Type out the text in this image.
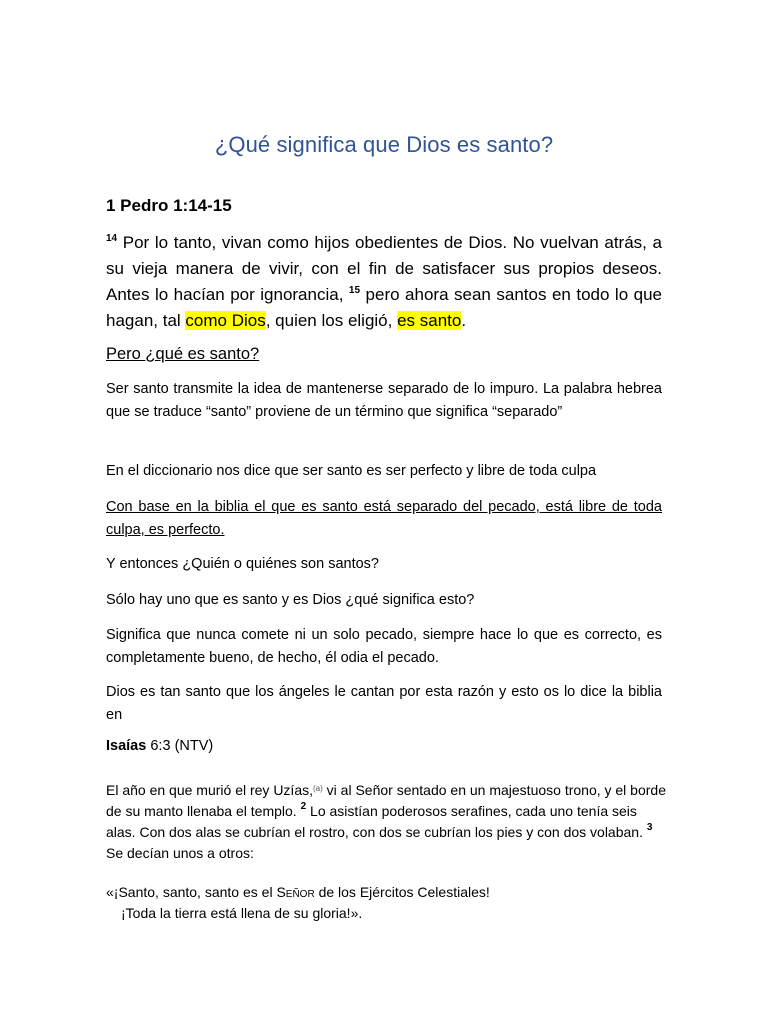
¿Qué significa que Dios es santo?
1 Pedro 1:14-15
$^{14}$ Por lo tanto, vivan como hijos obedientes de Dios. No vuelvan atrás, a su vieja manera de vivir, con el fin de satisfacer sus propios deseos. Antes lo hacían por ignorancia, $^{15}$ pero ahora sean santos en todo lo que hagan, tal como Dios, quien los eligió, es santo.
Pero ¿qué es santo?
Ser santo transmite la idea de mantenerse separado de lo impuro. La palabra hebrea que se traduce “santo” proviene de un término que significa “separado”
En el diccionario nos dice que ser santo es ser perfecto y libre de toda culpa
Con base en la biblia el que es santo está separado del pecado, está libre de toda culpa, es perfecto.
Y entonces ¿Quién o quiénes son santos?
Sólo hay uno que es santo y es Dios ¿qué significa esto?
Significa que nunca comete ni un solo pecado, siempre hace lo que es correcto, es completamente bueno, de hecho, él odia el pecado.
Dios es tan santo que los ángeles le cantan por esta razón y esto os lo dice la biblia en
Isaías 6:3 (NTV)
El año en que murió el rey Uzías,$^{(a)}$ vi al Señor sentado en un majestuoso trono, y el borde de su manto llenaba el templo. $^2$ Lo asistían poderosos serafines, cada uno tenía seis alas. Con dos alas se cubrían el rostro, con dos se cubrían los pies y con dos volaban. $^3$ Se decían unos a otros:
«¡Santo, santo, santo es el Señor de los Ejércitos Celestiales!
¡Toda la tierra está llena de su gloria!».
